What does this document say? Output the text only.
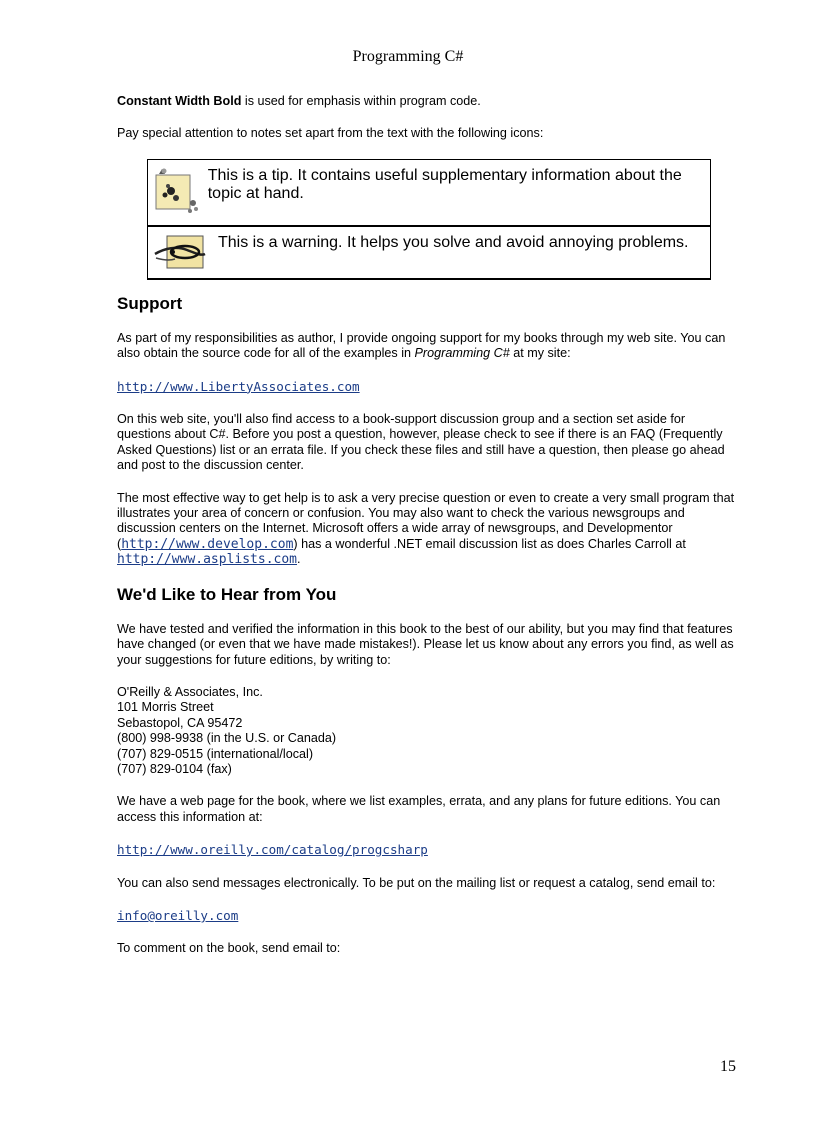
Programming C#

Constant Width Bold is used for emphasis within program code.

Pay special attention to notes set apart from the text with the following icons:

This is a tip. It contains useful supplementary information about the topic at hand.
This is a warning. It helps you solve and avoid annoying problems.
Support

As part of my responsibilities as author, I provide ongoing support for my books through my web site. You can also obtain the source code for all of the examples in Programming C# at my site:

http://www.LibertyAssociates.com

On this web site, you'll also find access to a book-support discussion group and a section set aside for questions about C#. Before you post a question, however, please check to see if there is an FAQ (Frequently Asked Questions) list or an errata file. If you check these files and still have a question, then please go ahead and post to the discussion center.

The most effective way to get help is to ask a very precise question or even to create a very small program that illustrates your area of concern or confusion. You may also want to check the various newsgroups and discussion centers on the Internet. Microsoft offers a wide array of newsgroups, and Developmentor (http://www.develop.com) has a wonderful .NET email discussion list as does Charles Carroll at http://www.asplists.com.

We'd Like to Hear from You

We have tested and verified the information in this book to the best of our ability, but you may find that features have changed (or even that we have made mistakes!). Please let us know about any errors you find, as well as your suggestions for future editions, by writing to:

O'Reilly & Associates, Inc.
101 Morris Street
Sebastopol, CA 95472
(800) 998-9938 (in the U.S. or Canada)
(707) 829-0515 (international/local)
(707) 829-0104 (fax)

We have a web page for the book, where we list examples, errata, and any plans for future editions. You can access this information at:

http://www.oreilly.com/catalog/progcsharp

You can also send messages electronically. To be put on the mailing list or request a catalog, send email to:

info@oreilly.com

To comment on the book, send email to:

15
